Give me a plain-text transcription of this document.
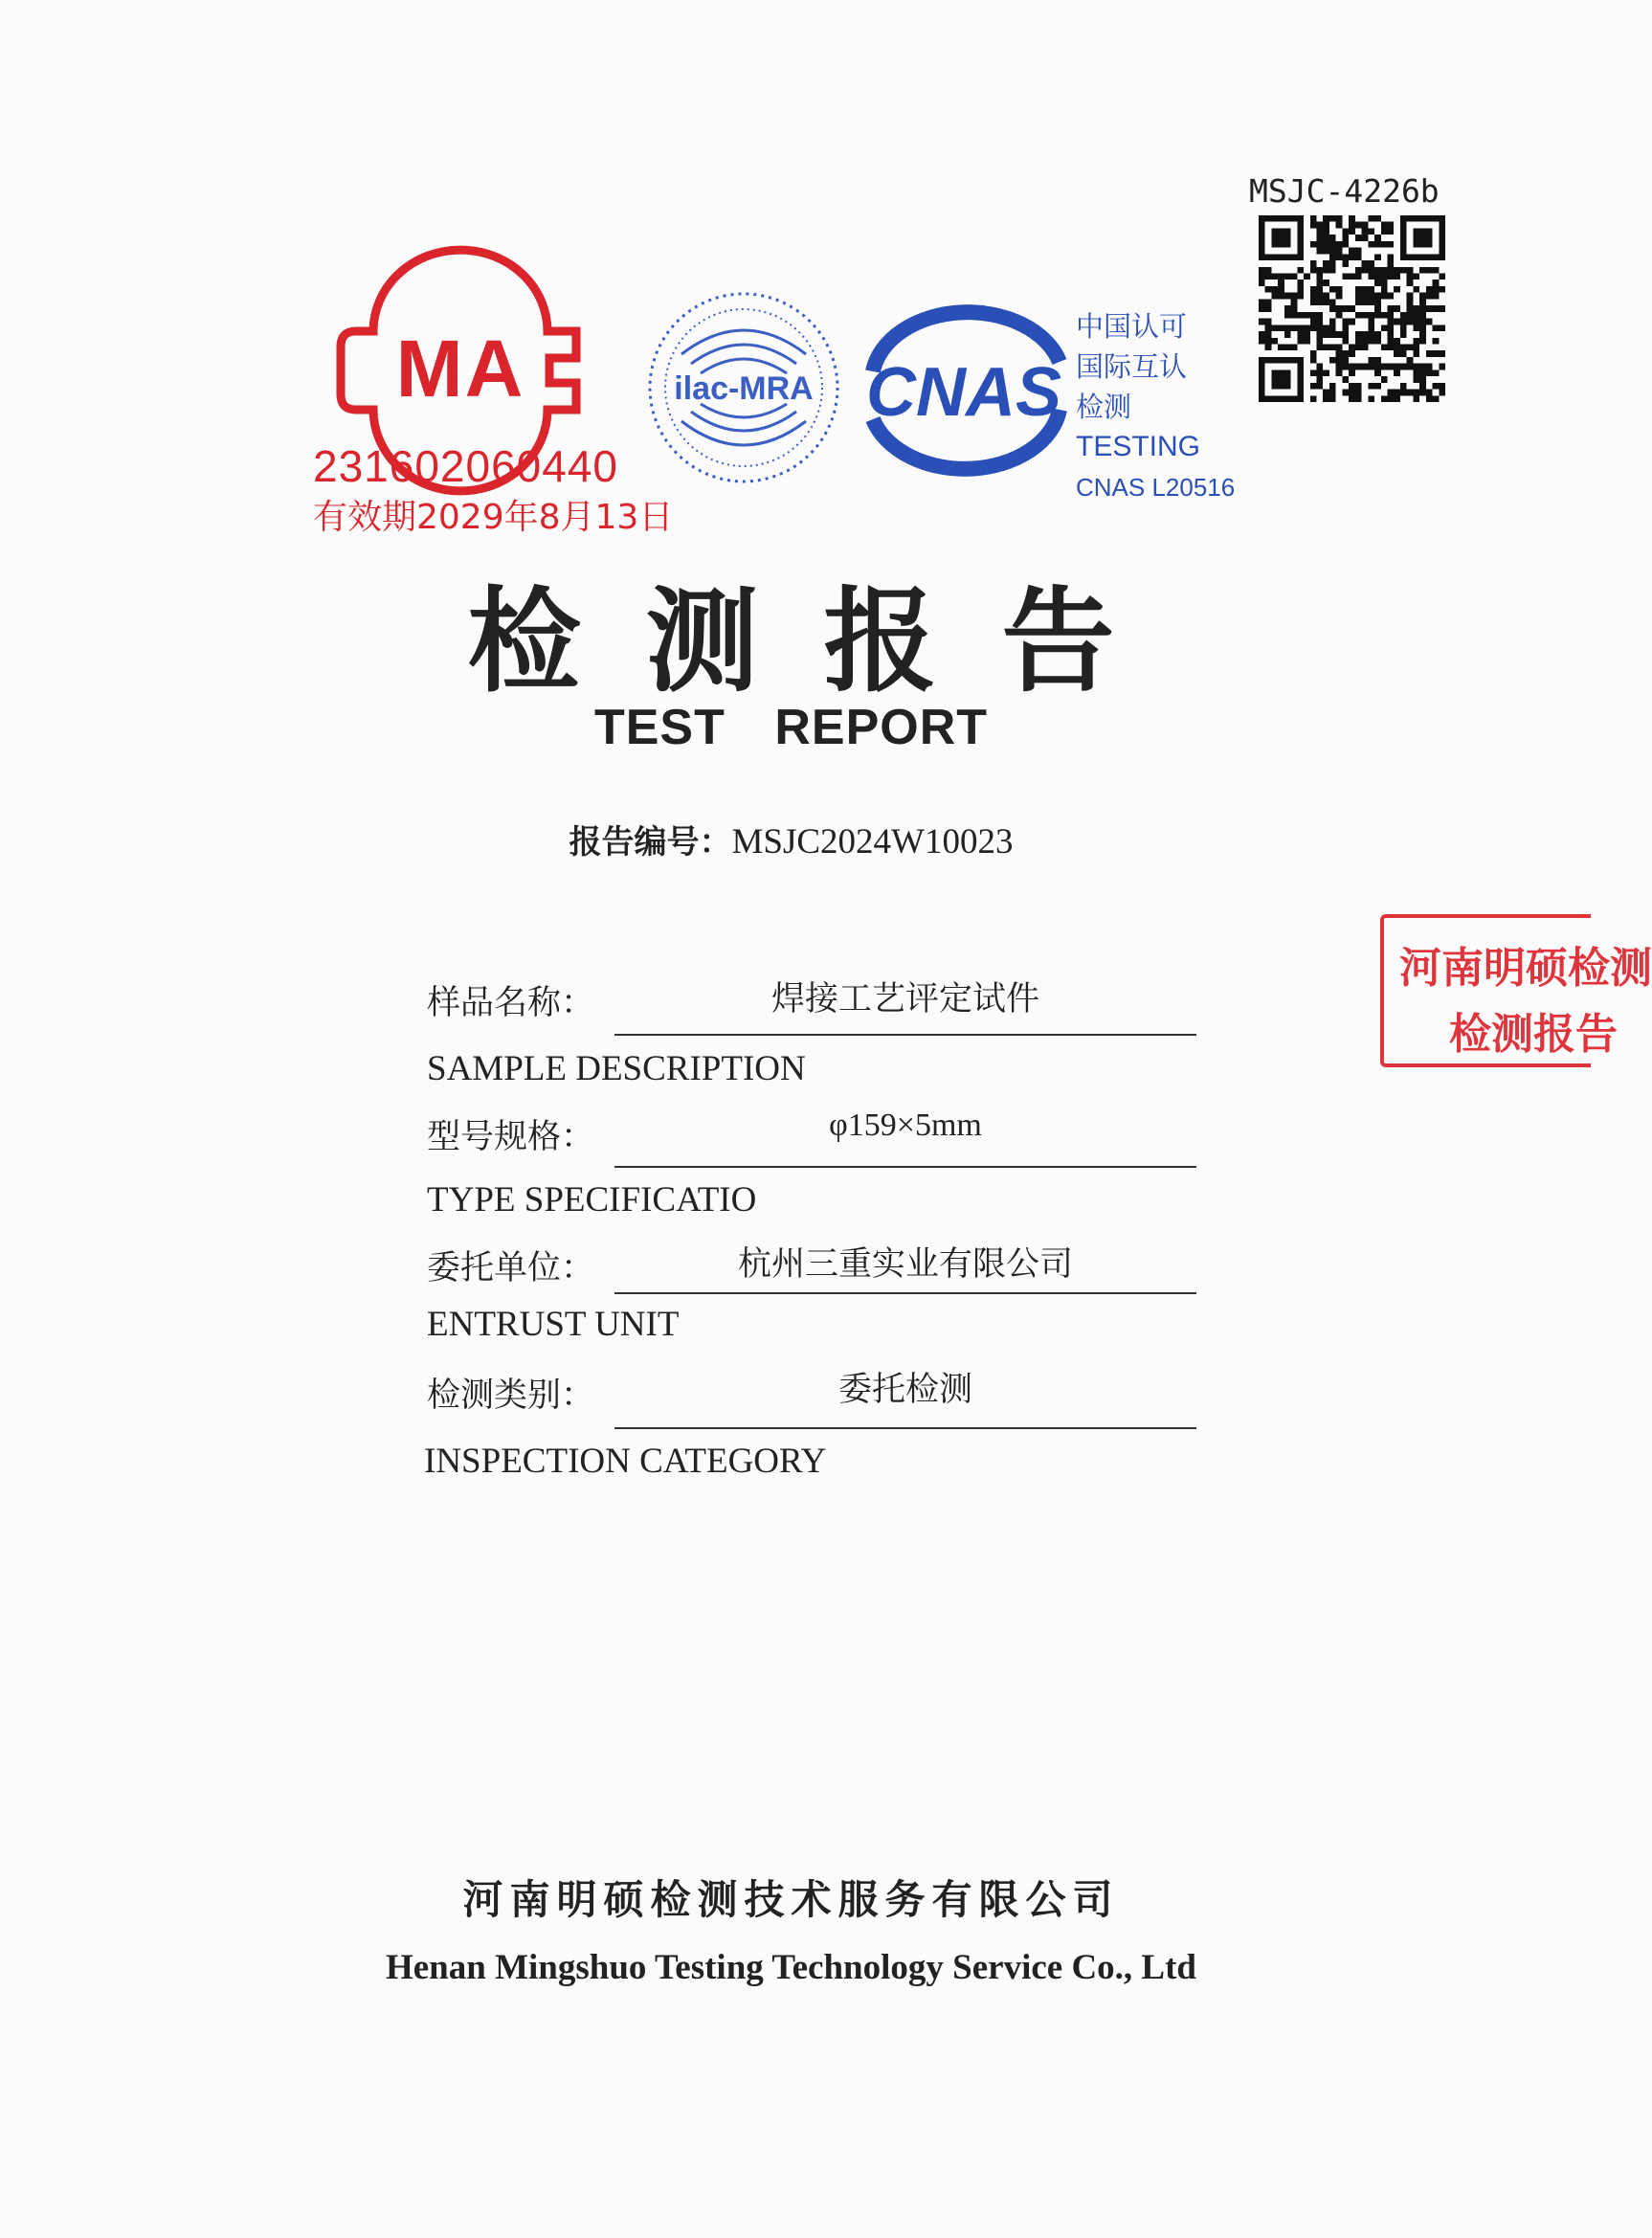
MSJC-4226b
MA
231602060440
有效期2029年8月13日
ilac-MRA CNAS
中国认可
国际互认
检测
TESTING
CNAS L20516
检测报告
TEST REPORT
报告编号：MSJC2024W10023
河南明硕检测
检测报告
样品名称：	焊接工艺评定试件
SAMPLE DESCRIPTION
型号规格：	φ159×5mm
TYPE SPECIFICATIO
委托单位：	杭州三重实业有限公司
ENTRUST UNIT
检测类别：	委托检测
INSPECTION CATEGORY
河南明硕检测技术服务有限公司
Henan Mingshuo Testing Technology Service Co., Ltd
